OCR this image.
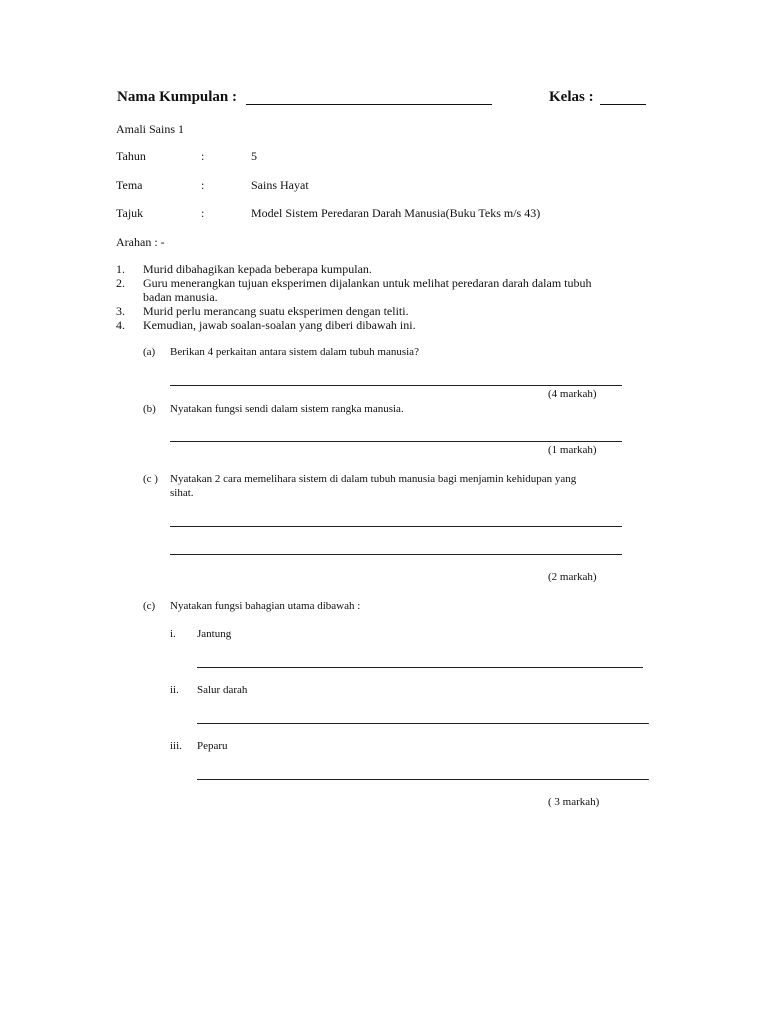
Nama Kumpulan :	Kelas :
Amali Sains 1
Tahun	:	5
Tema	:	Sains Hayat
Tajuk	:	Model Sistem Peredaran Darah Manusia(Buku Teks m/s 43)
Arahan : -
1. Murid dibahagikan kepada beberapa kumpulan.
2. Guru menerangkan tujuan eksperimen dijalankan untuk melihat peredaran darah dalam tubuh
badan manusia.
3. Murid perlu merancang suatu eksperimen dengan teliti.
4. Kemudian, jawab soalan-soalan yang diberi dibawah ini.
(a) Berikan 4 perkaitan antara sistem dalam tubuh manusia?
(4 markah)
(b) Nyatakan fungsi sendi dalam sistem rangka manusia.
(1 markah)
(c ) Nyatakan 2 cara memelihara sistem di dalam tubuh manusia bagi menjamin kehidupan yang
sihat.
(2 markah)
(c) Nyatakan fungsi bahagian utama dibawah :
i. Jantung
ii. Salur darah
iii. Peparu
( 3 markah)
